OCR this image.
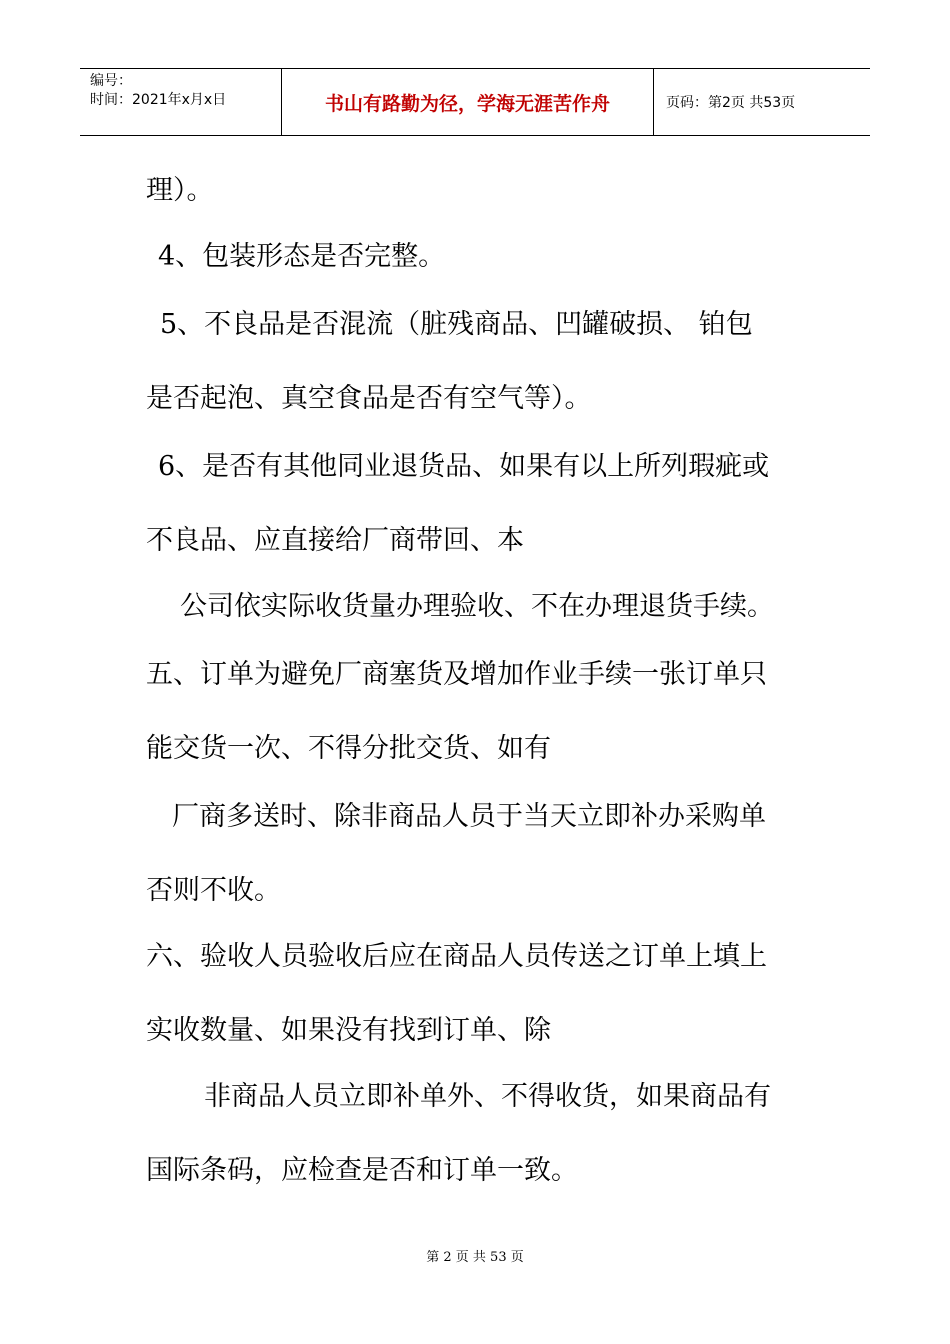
编号：
时间：2021年x月x日	书山有路勤为径，学海无涯苦作舟	页码：第2页 共53页
理）。
4、包装形态是否完整。
5、不良品是否混流（脏残商品、凹罐破损、 铂包
是否起泡、真空食品是否有空气等）。
6、是否有其他同业退货品、如果有以上所列瑕疵或
不良品、应直接给厂商带回、本
公司依实际收货量办理验收、不在办理退货手续。
五、订单为避免厂商塞货及增加作业手续一张订单只
能交货一次、不得分批交货、如有
厂商多送时、除非商品人员于当天立即补办采购单
否则不收。
六、验收人员验收后应在商品人员传送之订单上填上
实收数量、如果没有找到订单、除
非商品人员立即补单外、不得收货，如果商品有
国际条码，应检查是否和订单一致。
第 2 页 共 53 页
